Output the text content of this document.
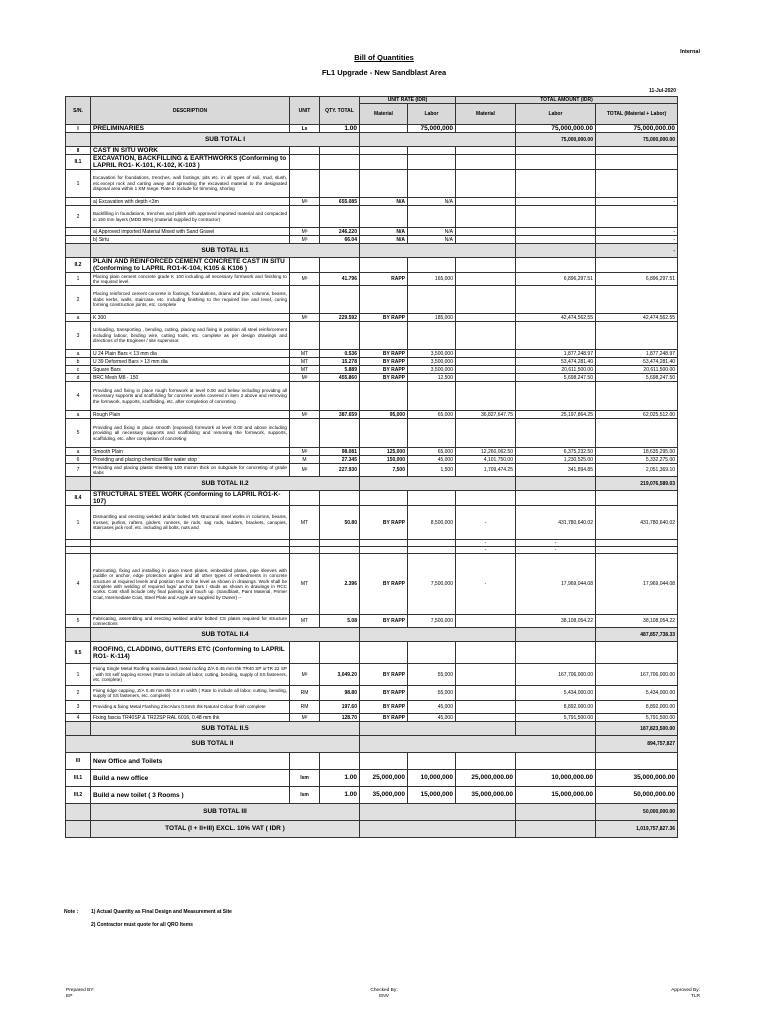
Internal
Bill of Quantities
FL1 Upgrade - New Sandblast Area
11-Jul-2020
S/N.	DESCRIPTION	UNIT	QTY. TOTAL	UNIT RATE (IDR)		TOTAL AMOUNT (IDR)		
				Material	Labor	Material	Labor	TOTAL (Material + Labor)
I	PRELIMINARIES	Ls	1.00		75,000,000		75,000,000.00	75,000,000.00
	SUB TOTAL I						75,000,000.00	75,000,000.00
II	CAST IN SITU WORK							
II.1	EXCAVATION, BACKFILLING & EARTHWORKS (Conforming to LAPRIL RO1- K-101, K-102, K-103 )							
1	Excavation for foundations, trenches, wall footings, pits etc. in all types of soil, mud, slush, etc.except rock and carting away and spreading the excavated material to the designated disposal area within 1 KM range. Rate to include for trimming, shoring							
	a) Excavation with depth <3m	M³	655.085	N/A	N/A			-
2	Backfilling in foundations, trenches and plinth with approved imported material and compacted in 150 mm layers (MDD 95%) (material supplied by contractor)							
	a) Approved imported Material Mixed with Sand Gravel	M³	246.220	N/A	N/A			-
	b) Sirtu	M³	66.04	N/A	N/A			-
	SUB TOTAL II.1							-
II.2	PLAIN AND REINFORCED CEMENT CONCRETE CAST IN SITU (Conforming to LAPRIL RO1-K-104, K105 & K106 )							
1	Placing plain cement concrete grade K 100 including all necessary formwork and finishing to the required level.	M³	41.796	RAPP	165,000		6,896,297.51	6,896,297.51
2	Placing reinforced cement concrete in footings, foundations, drains and pits, columns, beams, slabs kerbs, walls, staircase, etc. including finishing to the required line and level, curing forming construction joints, etc. complete							
a	K 300	M³	229.592	BY RAPP	185,000		42,474,562.55	42,474,562.55
3	Unloading, transporting , bending, cutting, placing and fixing in position all steel reinforcement including labour, binding wire, cutting tools, etc. complete as per design drawings and directions of the Engineer / site supervisor.							
a	U 24 Plain Bars < 13 mm dia	MT	0.536	BY RAPP	3,500,000		1,877,248.97	1,877,248.97
b	U 39 Deformed Bars > 13 mm dia	MT	15.278	BY RAPP	3,500,000		53,474,281.40	53,474,281.40
c	Square Bars	MT	5.889	BY RAPP	3,500,000		20,611,500.00	20,611,500.00
d	BRC Mesh M8 - 150	M²	455.860	BY RAPP	12,500		5,698,247.50	5,698,247.50
4	Providing and fixing in place rough formwork at level 0.00 and below including providing all necessary supports and scaffolding for concrete works covered in item 2 above and removing the formwork, supports, scaffolding, etc. after completion of concreting							
a	Rough Plain	M²	387.659	95,000	65,000	36,827,647.75	25,197,864.25	62,025,512.00
5	Providing and fixing in place smooth (exposed) formwork at level 0.00 and above including providing all necessary supports and scaffolding and removing the formwork, supports, scaffolding, etc. after completion of concreting							
a	Smooth Plain	M²	98.081	125,000	65,000	12,260,062.50	6,375,232.50	18,635,295.00
6	Providing and placing chemical filler water stop	M	27.345	150,000	45,000	4,101,750.00	1,230,525.00	5,332,275.00
7	Providing and placing plastic sheeting 100 micron thick on subgrade for concreting of grade slabs	M²	227.930	7,500	1,500	1,709,474.25	341,894.85	2,051,369.10
	SUB TOTAL II.2							219,076,589.03
II.4	STRUCTURAL STEEL WORK (Conforming to LAPRIL RO1-K-107)							
1	Dismantling and erecting welded and/or bolted MS structural steel works in columns, beams, trusses, purlins, rafters, girders, runners, tie rods, sag rods, ladders, brackets, canopies, staircases jack roof, etc. including all bolts, nuts and	MT	50.80	BY RAPP	8,500,000	-	431,780,640.02	431,780,640.02
						-	-	
						-	-	
4	Fabricating, fixing and installing in place Insert plates, embedded plates, pipe sleeves with puddle or anchor, edge protection angles and all other types of embedments in concrete structure at required levels and position true to line level as shown in drawings. Work shall be complete with welding of required lugs/ anchor bars / studs as shown in drawings in RCC works. Cost shall include only final painting and touch up. (Sandblast, Paint Material, Primer Coat, Intermediate Coat, Steel Plate and Angle are supplied by Owner) --	MT	2.396	BY RAPP	7,500,000	-	17,969,044.08	17,969,044.08
5	Fabricating, assembling and erecting welded and/or bolted CS plates required for structure connections	MT	5.08	BY RAPP	7,500,000		38,108,054.22	38,108,054.22
	SUB TOTAL II.4							487,857,738.33
II.5	ROOFING, CLADDING, GUTTERS ETC (Conforming to LAPRIL RO1- K-114)							
1	Fixing Single Metal Roofing noninsulated, metal roofing Z/A 0.45 mm thk TR40 SP orTR 22 SP , with SS self tapping screws (Rate to include all labor, cutting, bending, supply of SS fasteners, etc. complete)	M²	3,049.20	BY RAPP	55,000		167,706,000.00	167,706,000.00
2	Fixing ridge capping, Z/A 0.45 mm thk 0.6 m width ( Rate to include all labor, cutting, bending, supply of SS fasteners, etc. complete)	RM	98.80	BY RAPP	55,000		5,434,000.00	5,434,000.00
3	Providing & fixing Metal Flashing ZincAlum 0.5mm thk Natural Colour finish complete	RM	197.60	BY RAPP	45,000		8,892,000.00	8,892,000.00
4	Fixing fascia TR40SP & TR22SP RAL 6016, 0.48 mm thk	M²	128.70	BY RAPP	45,000		5,791,500.00	5,791,500.00
	SUB TOTAL II.5							187,823,500.00
SUB TOTAL II								894,757,827
III	New Office and Toilets							
III.1	Build a new office	lsm	1.00	25,000,000	10,000,000	25,000,000.00	10,000,000.00	35,000,000.00
III.2	Build a new toilet ( 3 Rooms )	lsm	1.00	35,000,000	15,000,000	35,000,000.00	15,000,000.00	50,000,000.00
	SUB TOTAL III							50,000,000.00
	TOTAL (I + II+III) EXCL. 10% VAT ( IDR )							1,019,757,827.36
Note :	1) Actual Quantity as Final Design and Measurement at Site
2) Contractor must quote for all QRO Items
Prepared BY:
EP
Checked By:
ENV
Approved By:
TLR
